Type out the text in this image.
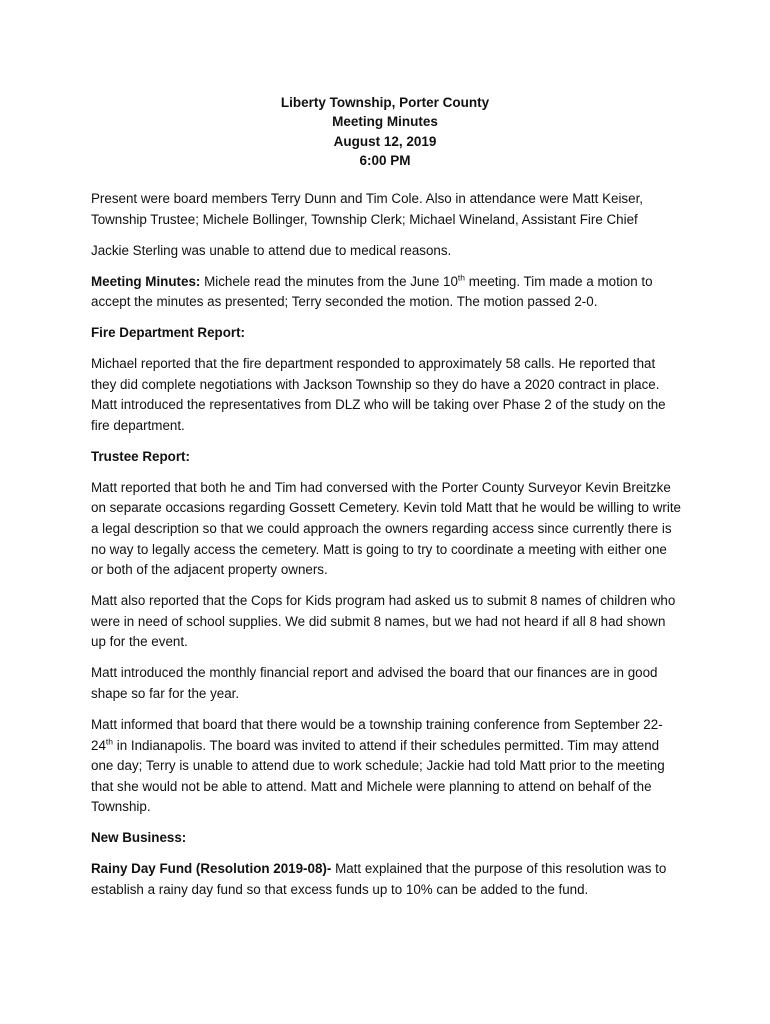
Liberty Township, Porter County
Meeting Minutes
August 12, 2019
6:00 PM

Present were board members Terry Dunn and Tim Cole. Also in attendance were Matt Keiser, Township Trustee; Michele Bollinger, Township Clerk; Michael Wineland, Assistant Fire Chief

Jackie Sterling was unable to attend due to medical reasons.

Meeting Minutes: Michele read the minutes from the June 10th meeting. Tim made a motion to accept the minutes as presented; Terry seconded the motion. The motion passed 2-0.

Fire Department Report:

Michael reported that the fire department responded to approximately 58 calls. He reported that they did complete negotiations with Jackson Township so they do have a 2020 contract in place. Matt introduced the representatives from DLZ who will be taking over Phase 2 of the study on the fire department.

Trustee Report:

Matt reported that both he and Tim had conversed with the Porter County Surveyor Kevin Breitzke on separate occasions regarding Gossett Cemetery. Kevin told Matt that he would be willing to write a legal description so that we could approach the owners regarding access since currently there is no way to legally access the cemetery. Matt is going to try to coordinate a meeting with either one or both of the adjacent property owners.

Matt also reported that the Cops for Kids program had asked us to submit 8 names of children who were in need of school supplies. We did submit 8 names, but we had not heard if all 8 had shown up for the event.

Matt introduced the monthly financial report and advised the board that our finances are in good shape so far for the year.

Matt informed that board that there would be a township training conference from September 22-24th in Indianapolis. The board was invited to attend if their schedules permitted. Tim may attend one day; Terry is unable to attend due to work schedule; Jackie had told Matt prior to the meeting that she would not be able to attend. Matt and Michele were planning to attend on behalf of the Township.

New Business:

Rainy Day Fund (Resolution 2019-08)- Matt explained that the purpose of this resolution was to establish a rainy day fund so that excess funds up to 10% can be added to the fund.
